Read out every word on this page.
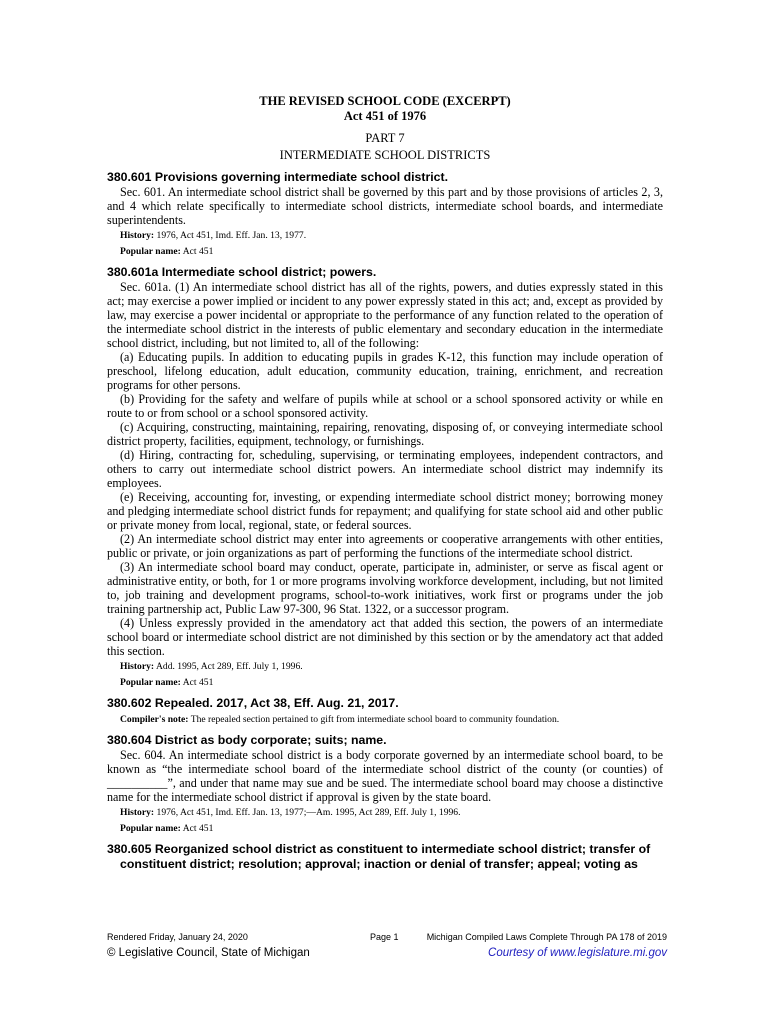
THE REVISED SCHOOL CODE (EXCERPT)
Act 451 of 1976
PART 7
INTERMEDIATE SCHOOL DISTRICTS
380.601 Provisions governing intermediate school district.

Sec. 601. An intermediate school district shall be governed by this part and by those provisions of articles 2, 3, and 4 which relate specifically to intermediate school districts, intermediate school boards, and intermediate superintendents.

History: 1976, Act 451, Imd. Eff. Jan. 13, 1977.
Popular name: Act 451
380.601a Intermediate school district; powers.

Sec. 601a. (1) An intermediate school district has all of the rights, powers, and duties expressly stated in this act; may exercise a power implied or incident to any power expressly stated in this act; and, except as provided by law, may exercise a power incidental or appropriate to the performance of any function related to the operation of the intermediate school district in the interests of public elementary and secondary education in the intermediate school district, including, but not limited to, all of the following:

(a) Educating pupils. In addition to educating pupils in grades K-12, this function may include operation of preschool, lifelong education, adult education, community education, training, enrichment, and recreation programs for other persons.

(b) Providing for the safety and welfare of pupils while at school or a school sponsored activity or while en route to or from school or a school sponsored activity.

(c) Acquiring, constructing, maintaining, repairing, renovating, disposing of, or conveying intermediate school district property, facilities, equipment, technology, or furnishings.

(d) Hiring, contracting for, scheduling, supervising, or terminating employees, independent contractors, and others to carry out intermediate school district powers. An intermediate school district may indemnify its employees.

(e) Receiving, accounting for, investing, or expending intermediate school district money; borrowing money and pledging intermediate school district funds for repayment; and qualifying for state school aid and other public or private money from local, regional, state, or federal sources.

(2) An intermediate school district may enter into agreements or cooperative arrangements with other entities, public or private, or join organizations as part of performing the functions of the intermediate school district.

(3) An intermediate school board may conduct, operate, participate in, administer, or serve as fiscal agent or administrative entity, or both, for 1 or more programs involving workforce development, including, but not limited to, job training and development programs, school-to-work initiatives, work first or programs under the job training partnership act, Public Law 97-300, 96 Stat. 1322, or a successor program.

(4) Unless expressly provided in the amendatory act that added this section, the powers of an intermediate school board or intermediate school district are not diminished by this section or by the amendatory act that added this section.

History: Add. 1995, Act 289, Eff. July 1, 1996.
Popular name: Act 451
380.602 Repealed. 2017, Act 38, Eff. Aug. 21, 2017.
Compiler's note: The repealed section pertained to gift from intermediate school board to community foundation.
380.604 District as body corporate; suits; name.

Sec. 604. An intermediate school district is a body corporate governed by an intermediate school board, to be known as “the intermediate school board of the intermediate school district of the county (or counties) of __________”, and under that name may sue and be sued. The intermediate school board may choose a distinctive name for the intermediate school district if approval is given by the state board.

History: 1976, Act 451, Imd. Eff. Jan. 13, 1977;—Am. 1995, Act 289, Eff. July 1, 1996.
Popular name: Act 451
380.605 Reorganized school district as constituent to intermediate school district; transfer of constituent district; resolution; approval; inaction or denial of transfer; appeal; voting as
Rendered Friday, January 24, 2020	Page 1	Michigan Compiled Laws Complete Through PA 178 of 2019
© Legislative Council, State of Michigan	Courtesy of www.legislature.mi.gov
